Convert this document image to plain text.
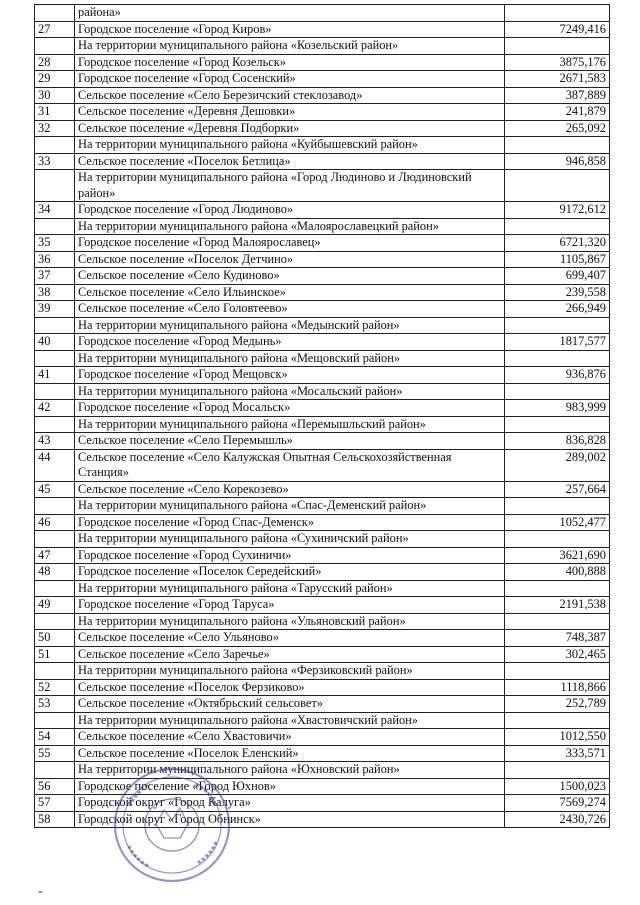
	района»	
27	Городское поселение «Город Киров»	7249,416
	На территории муниципального района «Козельский район»	
28	Городское поселение «Город Козельск»	3875,176
29	Городское поселение «Город Сосенский»	2671,583
30	Сельское поселение «Село Березичский стеклозавод»	387,889
31	Сельское поселение «Деревня Дешовки»	241,879
32	Сельское поселение «Деревня Подборки»	265,092
	На территории муниципального района «Куйбышевский район»	
33	Сельское поселение «Поселок Бетлица»	946,858
	На территории муниципального района «Город Людиново и Людиновский район»	
34	Городское поселение «Город Людиново»	9172,612
	На территории муниципального района «Малоярославецкий район»	
35	Городское поселение «Город Малоярославец»	6721,320
36	Сельское поселение «Поселок Детчино»	1105,867
37	Сельское поселение «Село Кудиново»	699,407
38	Сельское поселение «Село Ильинское»	239,558
39	Сельское поселение «Село Головтеево»	266,949
	На территории муниципального района «Медынский район»	
40	Городское поселение «Город Медынь»	1817,577
	На территории муниципального района «Мещовский район»	
41	Городское поселение «Город Мещовск»	936,876
	На территории муниципального района «Мосальский район»	
42	Городское поселение «Город Мосальск»	983,999
	На территории муниципального района «Перемышльский район»	
43	Сельское поселение «Село Перемышль»	836,828
44	Сельское поселение «Село Калужская Опытная Сельскохозяйственная Станция»	289,002
45	Сельское поселение «Село Корекозево»	257,664
	На территории муниципального района «Спас-Деменский район»	
46	Городское поселение «Город Спас-Деменск»	1052,477
	На территории муниципального района «Сухиничский район»	
47	Городское поселение «Город Сухиничи»	3621,690
48	Городское поселение «Поселок Середейский»	400,888
	На территории муниципального района «Тарусский район»	
49	Городское поселение «Город Таруса»	2191,538
	На территории муниципального района «Ульяновский район»	
50	Сельское поселение «Село Ульяново»	748,387
51	Сельское поселение «Село Заречье»	302,465
	На территории муниципального района «Ферзиковский район»	
52	Сельское поселение «Поселок Ферзиково»	1118,866
53	Сельское поселение «Октябрьский сельсовет»	252,789
	На территории муниципального района «Хвастовичский район»	
54	Сельское поселение «Село Хвастовичи»	1012,550
55	Сельское поселение «Поселок Еленский»	333,571
	На территории муниципального района «Юхновский район»	
56	Городское поселение «Город Юхнов»	1500,023
57	Городской округ «Город Калуга»	7569,274
58	Городской округ «Город Обнинск»	2430,726
-
